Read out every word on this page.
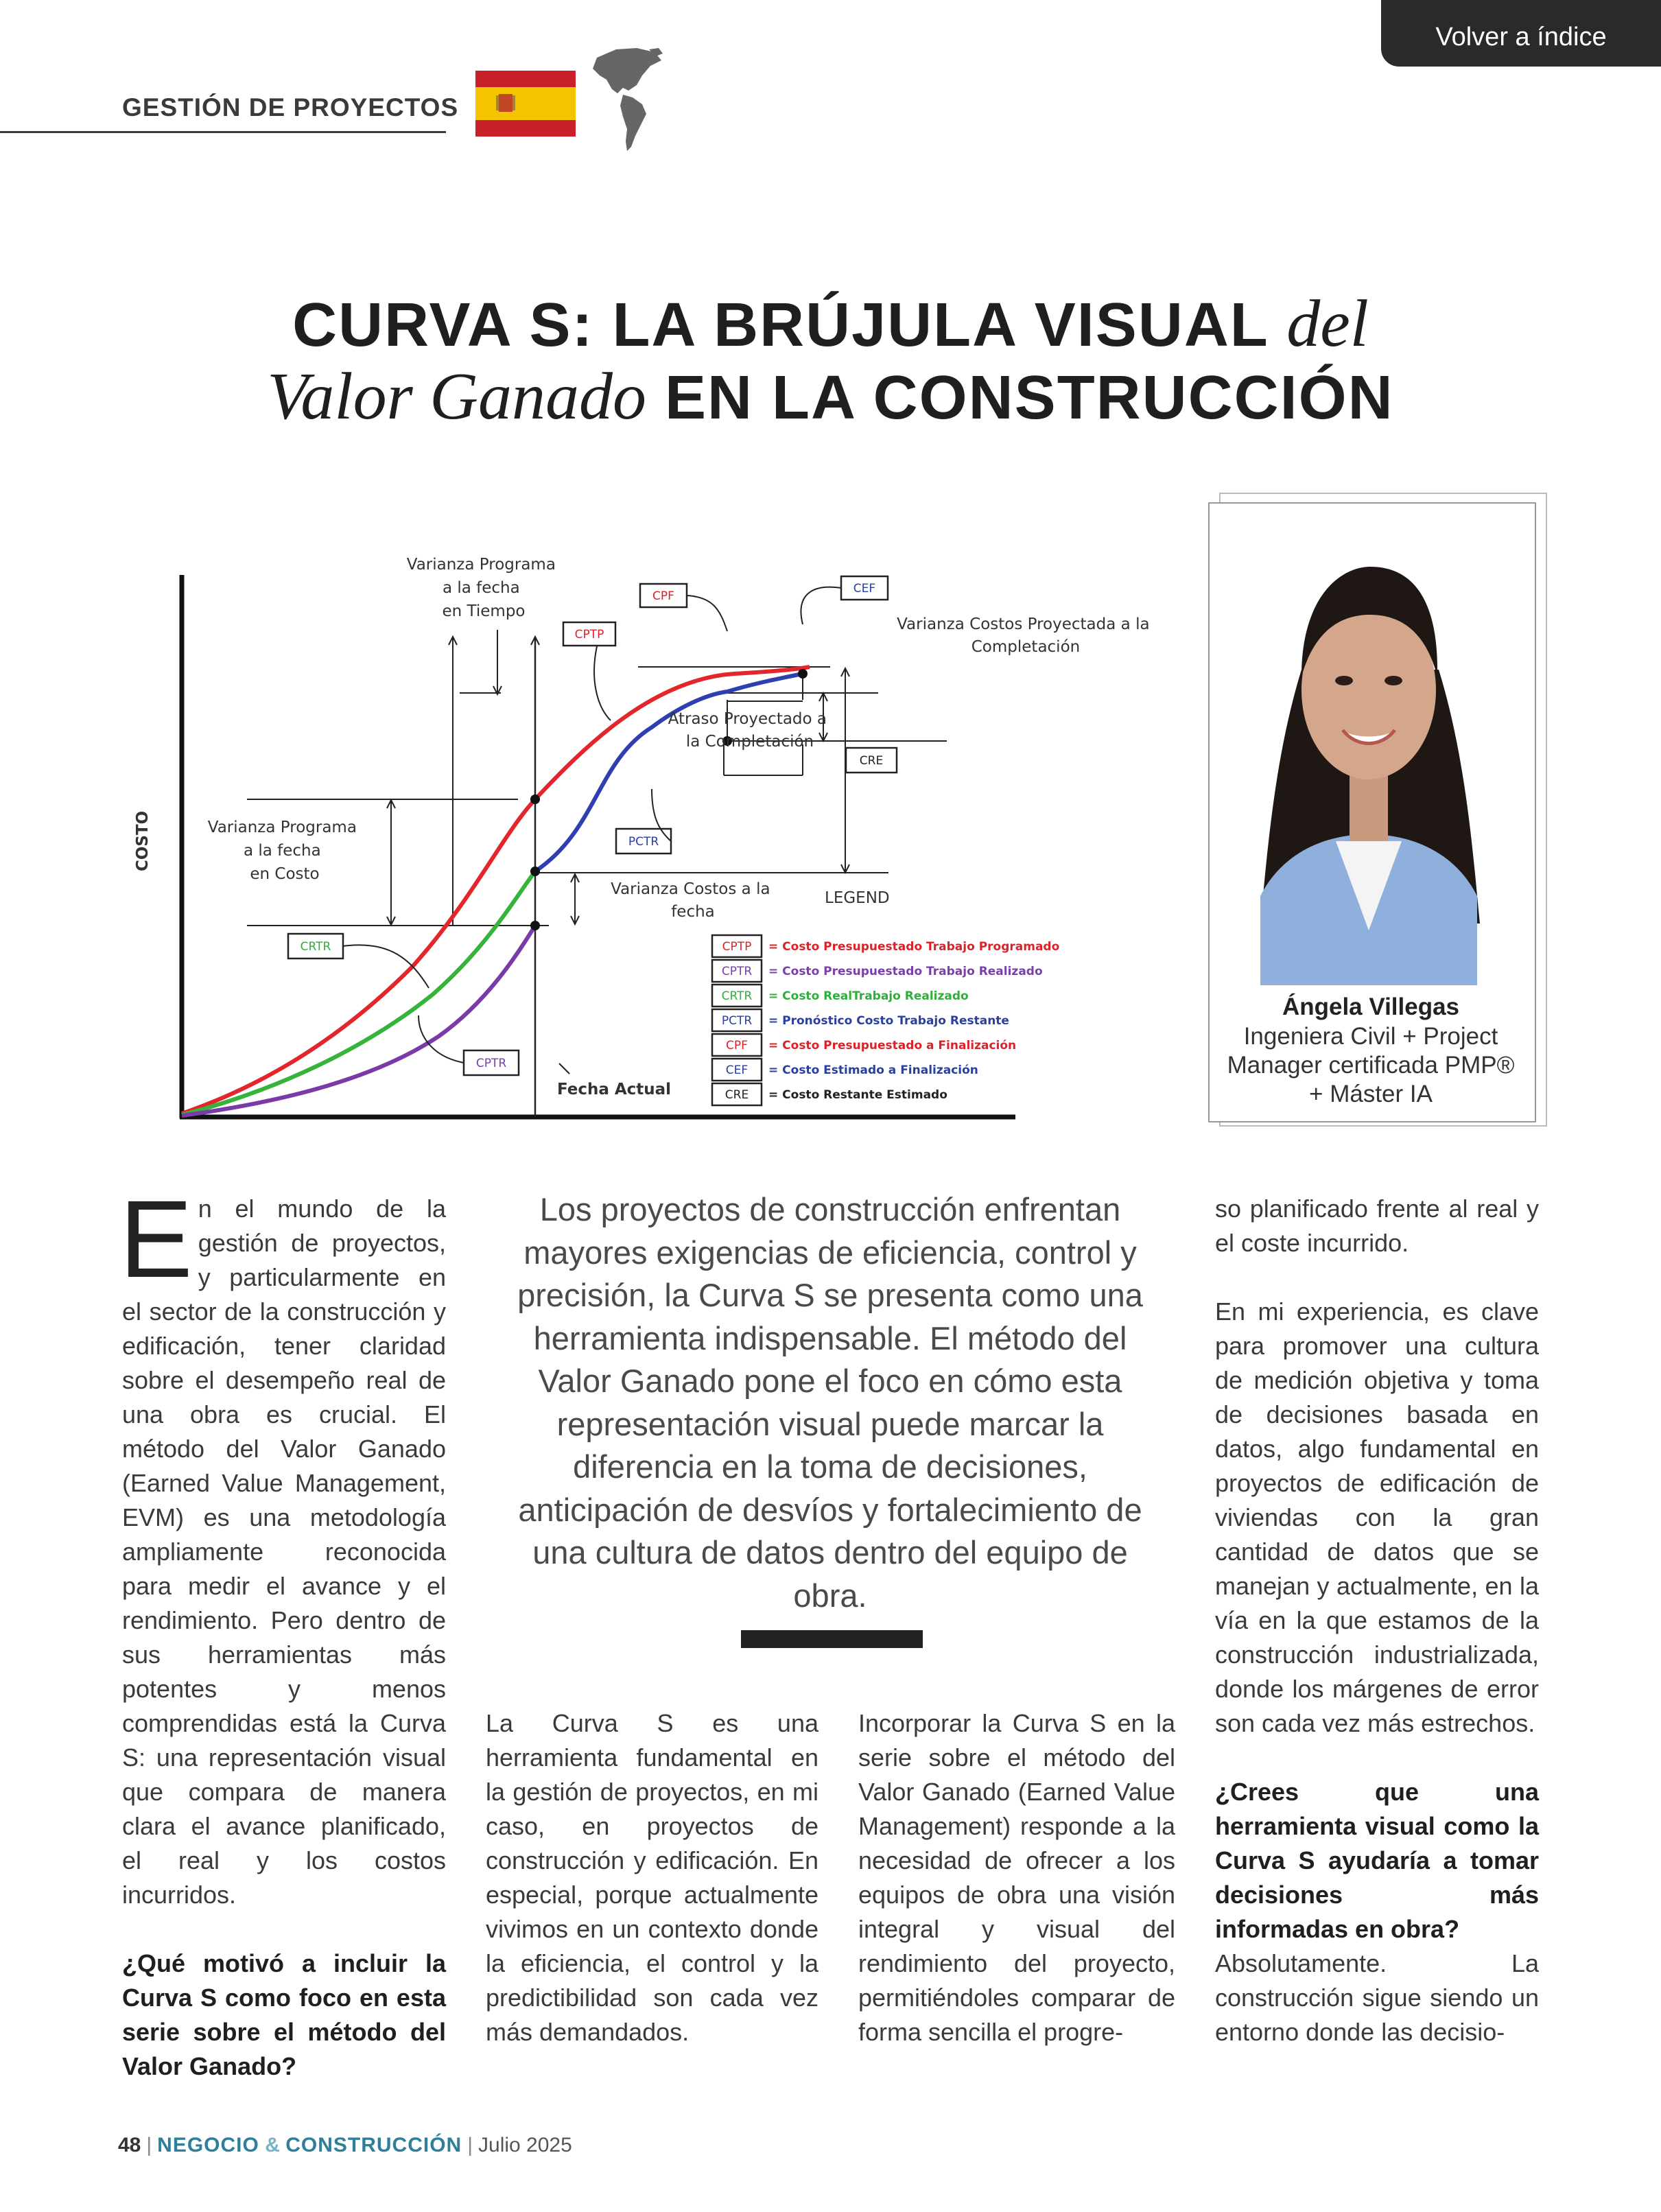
Volver a índice
GESTIÓN DE PROYECTOS
CURVA S: LA BRÚJULA VISUAL del
Valor Ganado EN LA CONSTRUCCIÓN
COSTO
Varianza Programa a la fecha en Tiempo
Varianza Programa a la fecha en Costo
Varianza Costos Proyectada a la Completación
Atraso Proyectado a la Completación
Varianza Costos a la fecha
Fecha Actual
LEGEND
CPF
CEF
CPTP
CRE
PCTR
CRTR
CPTR
CPTP = Costo Presupuestado Trabajo Programado
CPTR = Costo Presupuestado Trabajo Realizado
CRTR = Costo RealTrabajo Realizado
PCTR = Pronóstico Costo Trabajo Restante
CPF = Costo Presupuestado a Finalización
CEF = Costo Estimado a Finalización
CRE = Costo Restante Estimado
Ángela Villegas
Ingeniera Civil + Project
Manager certificada PMP®
+ Máster IA

En el mundo de la gestión de proyectos, y particularmente en el sector de la construcción y edificación, tener claridad sobre el desempeño real de una obra es crucial. El método del Valor Ganado (Earned Value Management, EVM) es una metodología ampliamente reconocida para medir el avance y el rendimiento. Pero dentro de sus herramientas más potentes y menos comprendidas está la Curva S: una representación visual que compara de manera clara el avance planificado, el real y los costos incurridos.

¿Qué motivó a incluir la Curva S como foco en esta serie sobre el método del Valor Ganado?

Los proyectos de construcción enfrentan mayores exigencias de eficiencia, control y precisión, la Curva S se presenta como una herramienta indispensable. El método del Valor Ganado pone el foco en cómo esta representación visual puede marcar la diferencia en la toma de decisiones, anticipación de desvíos y fortalecimiento de una cultura de datos dentro del equipo de obra.

La Curva S es una herramienta fundamental en la gestión de proyectos, en mi caso, en proyectos de construcción y edificación. En especial, porque actualmente vivimos en un contexto donde la eficiencia, el control y la predictibilidad son cada vez más demandados.

Incorporar la Curva S en la serie sobre el método del Valor Ganado (Earned Value Management) responde a la necesidad de ofrecer a los equipos de obra una visión integral y visual del rendimiento del proyecto, permitiéndoles comparar de forma sencilla el progre-

so planificado frente al real y el coste incurrido.

En mi experiencia, es clave para promover una cultura de medición objetiva y toma de decisiones basada en datos, algo fundamental en proyectos de edificación de viviendas con la gran cantidad de datos que se manejan y actualmente, en la vía en la que estamos de la construcción industrializada, donde los márgenes de error son cada vez más estrechos.

¿Crees que una herramienta visual como la Curva S ayudaría a tomar decisiones más informadas en obra?

Absolutamente. La construcción sigue siendo un entorno donde las decisio-

48 | NEGOCIO & CONSTRUCCIÓN | Julio 2025
